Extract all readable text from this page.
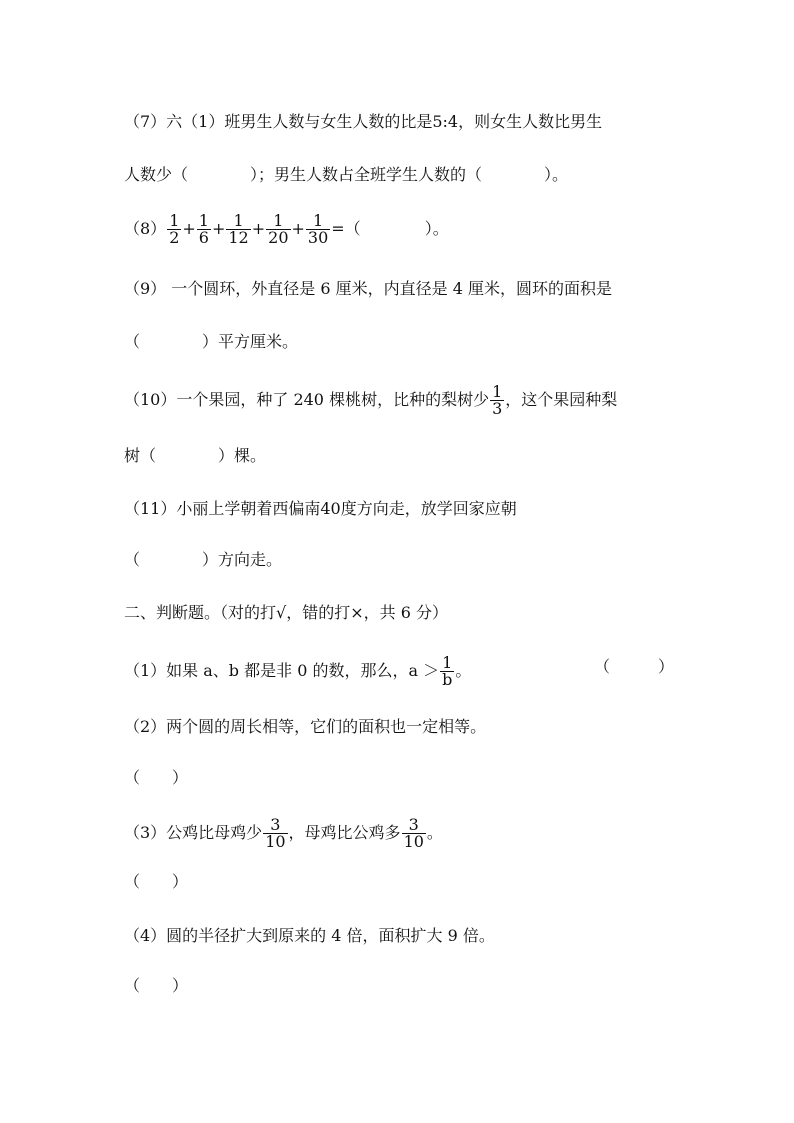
（7）六（1）班男生人数与女生人数的比是5:4，则女生人数比男生
人数少（	）；男生人数占全班学生人数的（	）。
$(8) \frac{1}{2} + \frac{1}{6} + \frac{1}{12} + \frac{1}{20} + \frac{1}{30}$ =（	）。
（9） 一个圆环，外直径是 6 厘米，内直径是 4 厘米，圆环的面积是
（	）平方厘米。
（10）一个果园，种了 240 棵桃树，比种的梨树少 $\frac{1}{3}$ ，这个果园种梨
树（	）棵。
（11）小丽上学朝着西偏南40度方向走，放学回家应朝
（	）方向走。
二、判断题。（对的打√，错的打×，共 6 分）
（1）如果 a、b 都是非 0 的数，那么，$a > \frac{1}{b}$ 。	（　　　）
（2）两个圆的周长相等，它们的面积也一定相等。
（　　）
（3）公鸡比母鸡少 $\frac{3}{10}$ ，母鸡比公鸡多 $\frac{3}{10}$ 。
（　　）
（4）圆的半径扩大到原来的 4 倍，面积扩大 9 倍。
（　　）
